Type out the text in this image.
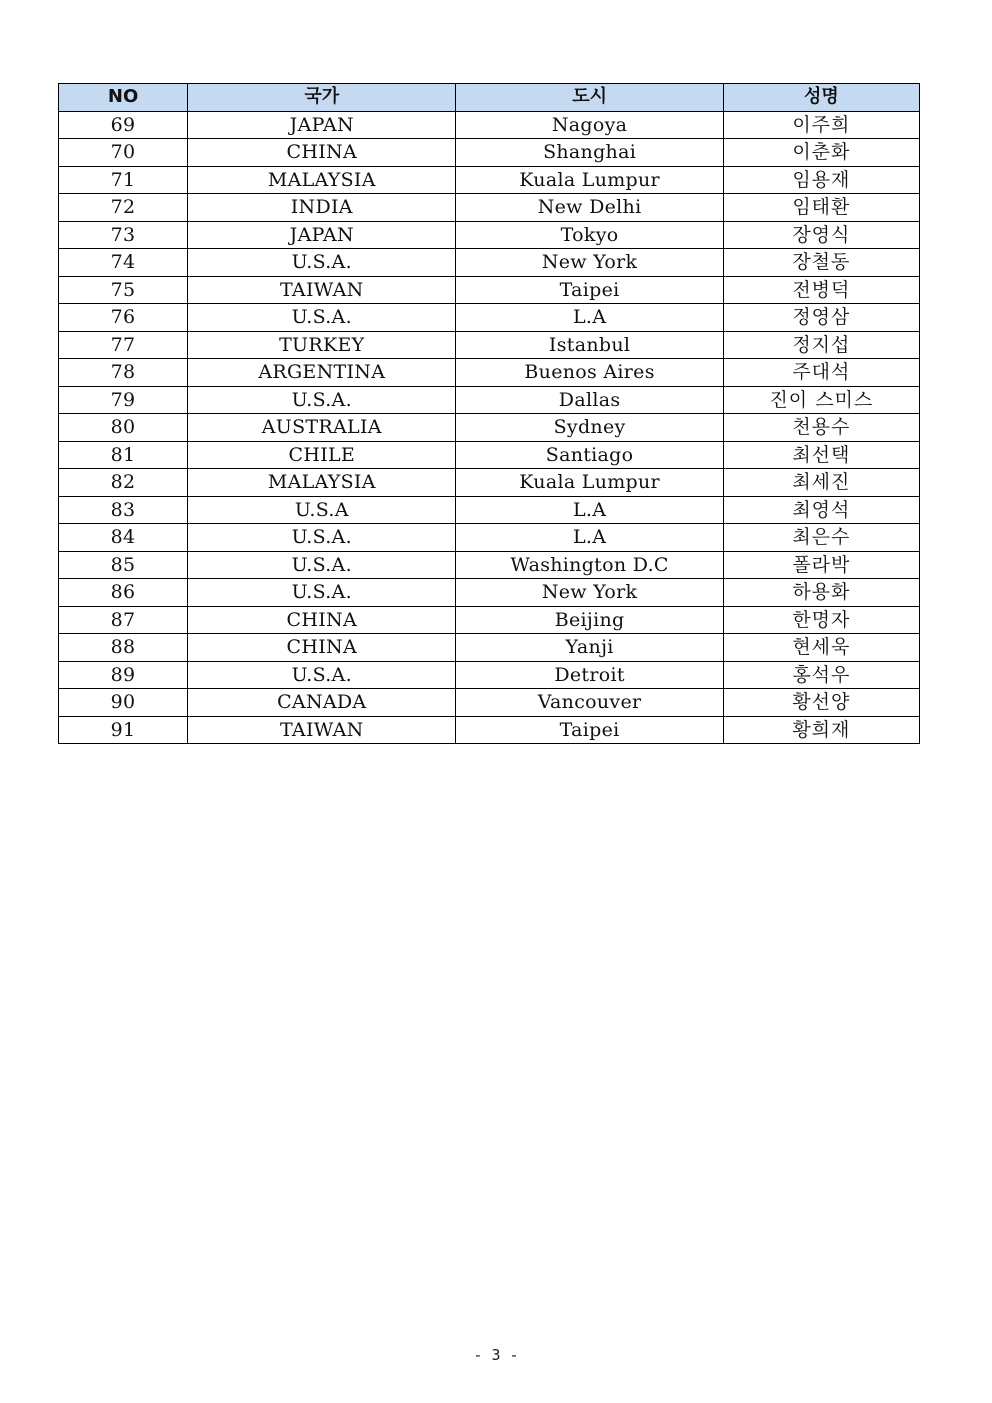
NO	국가	도시	성명
69	JAPAN	Nagoya	이주희
70	CHINA	Shanghai	이춘화
71	MALAYSIA	Kuala Lumpur	임용재
72	INDIA	New Delhi	임태환
73	JAPAN	Tokyo	장영식
74	U.S.A.	New York	장철동
75	TAIWAN	Taipei	전병덕
76	U.S.A.	L.A	정영삼
77	TURKEY	Istanbul	정지섭
78	ARGENTINA	Buenos Aires	주대석
79	U.S.A.	Dallas	진이 스미스
80	AUSTRALIA	Sydney	천용수
81	CHILE	Santiago	최선택
82	MALAYSIA	Kuala Lumpur	최세진
83	U.S.A	L.A	최영석
84	U.S.A.	L.A	최은수
85	U.S.A.	Washington D.C	폴라박
86	U.S.A.	New York	하용화
87	CHINA	Beijing	한명자
88	CHINA	Yanji	현세욱
89	U.S.A.	Detroit	홍석우
90	CANADA	Vancouver	황선양
91	TAIWAN	Taipei	황희재
- 3 -
